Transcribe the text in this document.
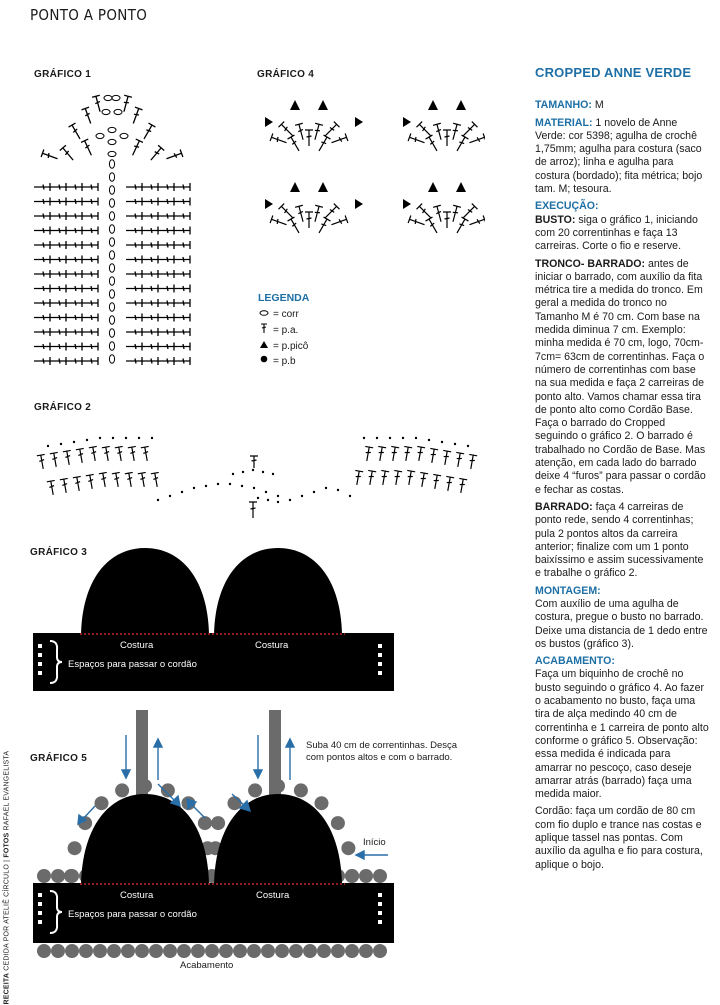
PONTO A PONTO
GRÁFICO 1	GRÁFICO 4
GRÁFICO 2
GRÁFICO 3
GRÁFICO 5
LEGENDA
= corr
= p.a.
= p.picô
= p.b
Costura	Costura
Espaços para passar o cordão
Costura	Costura
Espaços para passar o cordão
Início
Acabamento
Suba 40 cm de correntinhas. Desça com pontos altos e com o barrado.
RECEITA CEDIDA POR ATELIÊ CÍRCULO | FOTOS RAFAEL EVANGELISTA
CROPPED ANNE VERDE

TAMANHO: M

MATERIAL: 1 novelo de Anne Verde: cor 5398; agulha de crochê 1,75mm; agulha para costura (saco de arroz); linha e agulha para costura (bordado); fita métrica; bojo tam. M; tesoura.

EXECUÇÃO:

BUSTO: siga o gráfico 1, iniciando com 20 correntinhas e faça 13 carreiras. Corte o fio e reserve.

TRONCO- BARRADO: antes de iniciar o barrado, com auxílio da fita métrica tire a medida do tronco. Em geral a medida do tronco no Tamanho M é 70 cm. Com base na medida diminua 7 cm. Exemplo: minha medida é 70 cm, logo, 70cm-7cm= 63cm de correntinhas. Faça o número de correntinhas com base na sua medida e faça 2 carreiras de ponto alto. Vamos chamar essa tira de ponto alto como Cordão Base. Faça o barrado do Cropped seguindo o gráfico 2. O barrado é trabalhado no Cordão de Base. Mas atenção, em cada lado do barrado deixe 4 “furos” para passar o cordão e fechar as costas.

BARRADO: faça 4 carreiras de ponto rede, sendo 4 correntinhas; pula 2 pontos altos da carreira anterior; finalize com um 1 ponto baixíssimo e assim sucessivamente e trabalhe o gráfico 2.

MONTAGEM:

Com auxílio de uma agulha de costura, pregue o busto no barrado. Deixe uma distancia de 1 dedo entre os bustos (gráfico 3).

ACABAMENTO:

Faça um biquinho de crochê no busto seguindo o gráfico 4. Ao fazer o acabamento no busto, faça uma tira de alça medindo 40 cm de correntinha e 1 carreira de ponto alto conforme o gráfico 5. Observação: essa medida é indicada para amarrar no pescoço, caso deseje amarrar atrás (barrado) faça uma medida maior.

Cordão: faça um cordão de 80 cm com fio duplo e trance nas costas e aplique tassel nas pontas. Com auxílio da agulha e fio para costura, aplique o bojo.
